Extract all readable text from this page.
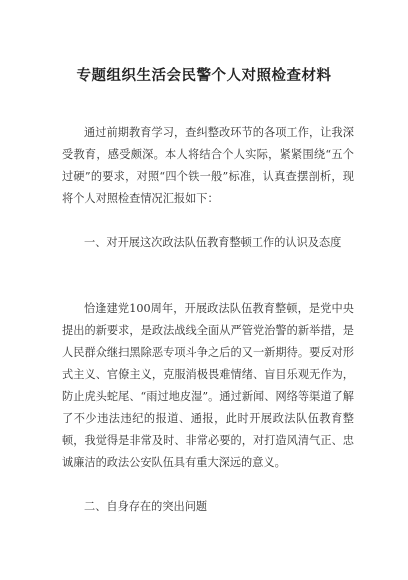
专题组织生活会民警个人对照检查材料

通过前期教育学习，查纠整改环节的各项工作，让我深受教育，感受颇深。本人将结合个人实际，紧紧围绕“五个过硬”的要求，对照“四个铁一般”标准，认真查摆剖析，现将个人对照检查情况汇报如下：

一、对开展这次政法队伍教育整顿工作的认识及态度

恰逢建党100周年，开展政法队伍教育整顿，是党中央提出的新要求，是政法战线全面从严管党治警的新举措，是人民群众继扫黑除恶专项斗争之后的又一新期待。要反对形式主义、官僚主义，克服消极畏难情绪、盲目乐观无作为，防止虎头蛇尾、“雨过地皮湿”。通过新闻、网络等渠道了解了不少违法违纪的报道、通报，此时开展政法队伍教育整顿，我觉得是非常及时、非常必要的，对打造风清气正、忠诚廉洁的政法公安队伍具有重大深远的意义。

二、自身存在的突出问题
